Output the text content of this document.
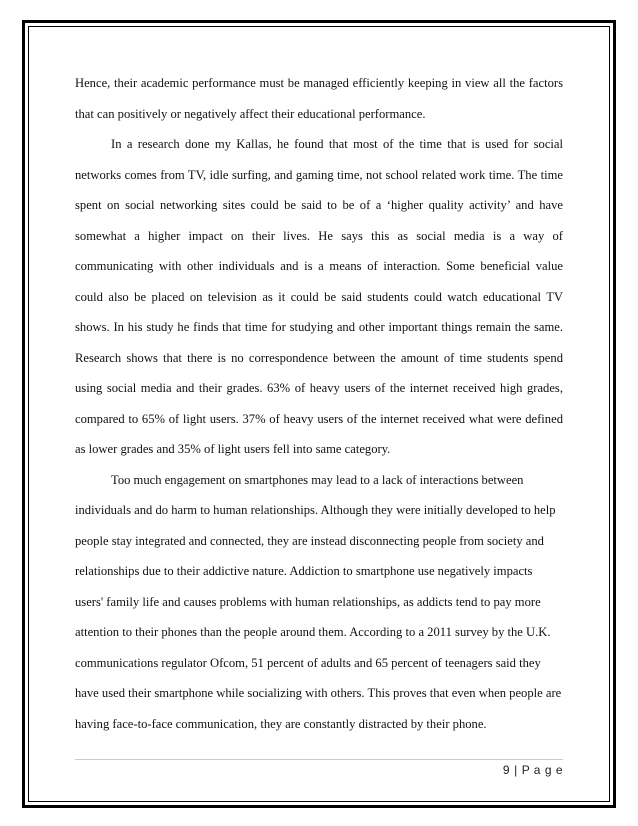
Hence, their academic performance must be managed efficiently keeping in view all the factors that can positively or negatively affect their educational performance.

In a research done my Kallas, he found that most of the time that is used for social networks comes from TV, idle surfing, and gaming time, not school related work time. The time spent on social networking sites could be said to be of a ‘higher quality activity’ and have somewhat a higher impact on their lives. He says this as social media is a way of communicating with other individuals and is a means of interaction. Some beneficial value could also be placed on television as it could be said students could watch educational TV shows. In his study he finds that time for studying and other important things remain the same. Research shows that there is no correspondence between the amount of time students spend using social media and their grades. 63% of heavy users of the internet received high grades, compared to 65% of light users. 37% of heavy users of the internet received what were defined as lower grades and 35% of light users fell into same category.

Too much engagement on smartphones may lead to a lack of interactions between individuals and do harm to human relationships. Although they were initially developed to help people stay integrated and connected, they are instead disconnecting people from society and relationships due to their addictive nature. Addiction to smartphone use negatively impacts users' family life and causes problems with human relationships, as addicts tend to pay more attention to their phones than the people around them. According to a 2011 survey by the U.K. communications regulator Ofcom, 51 percent of adults and 65 percent of teenagers said they have used their smartphone while socializing with others. This proves that even when people are having face-to-face communication, they are constantly distracted by their phone.

9 | P a g e
